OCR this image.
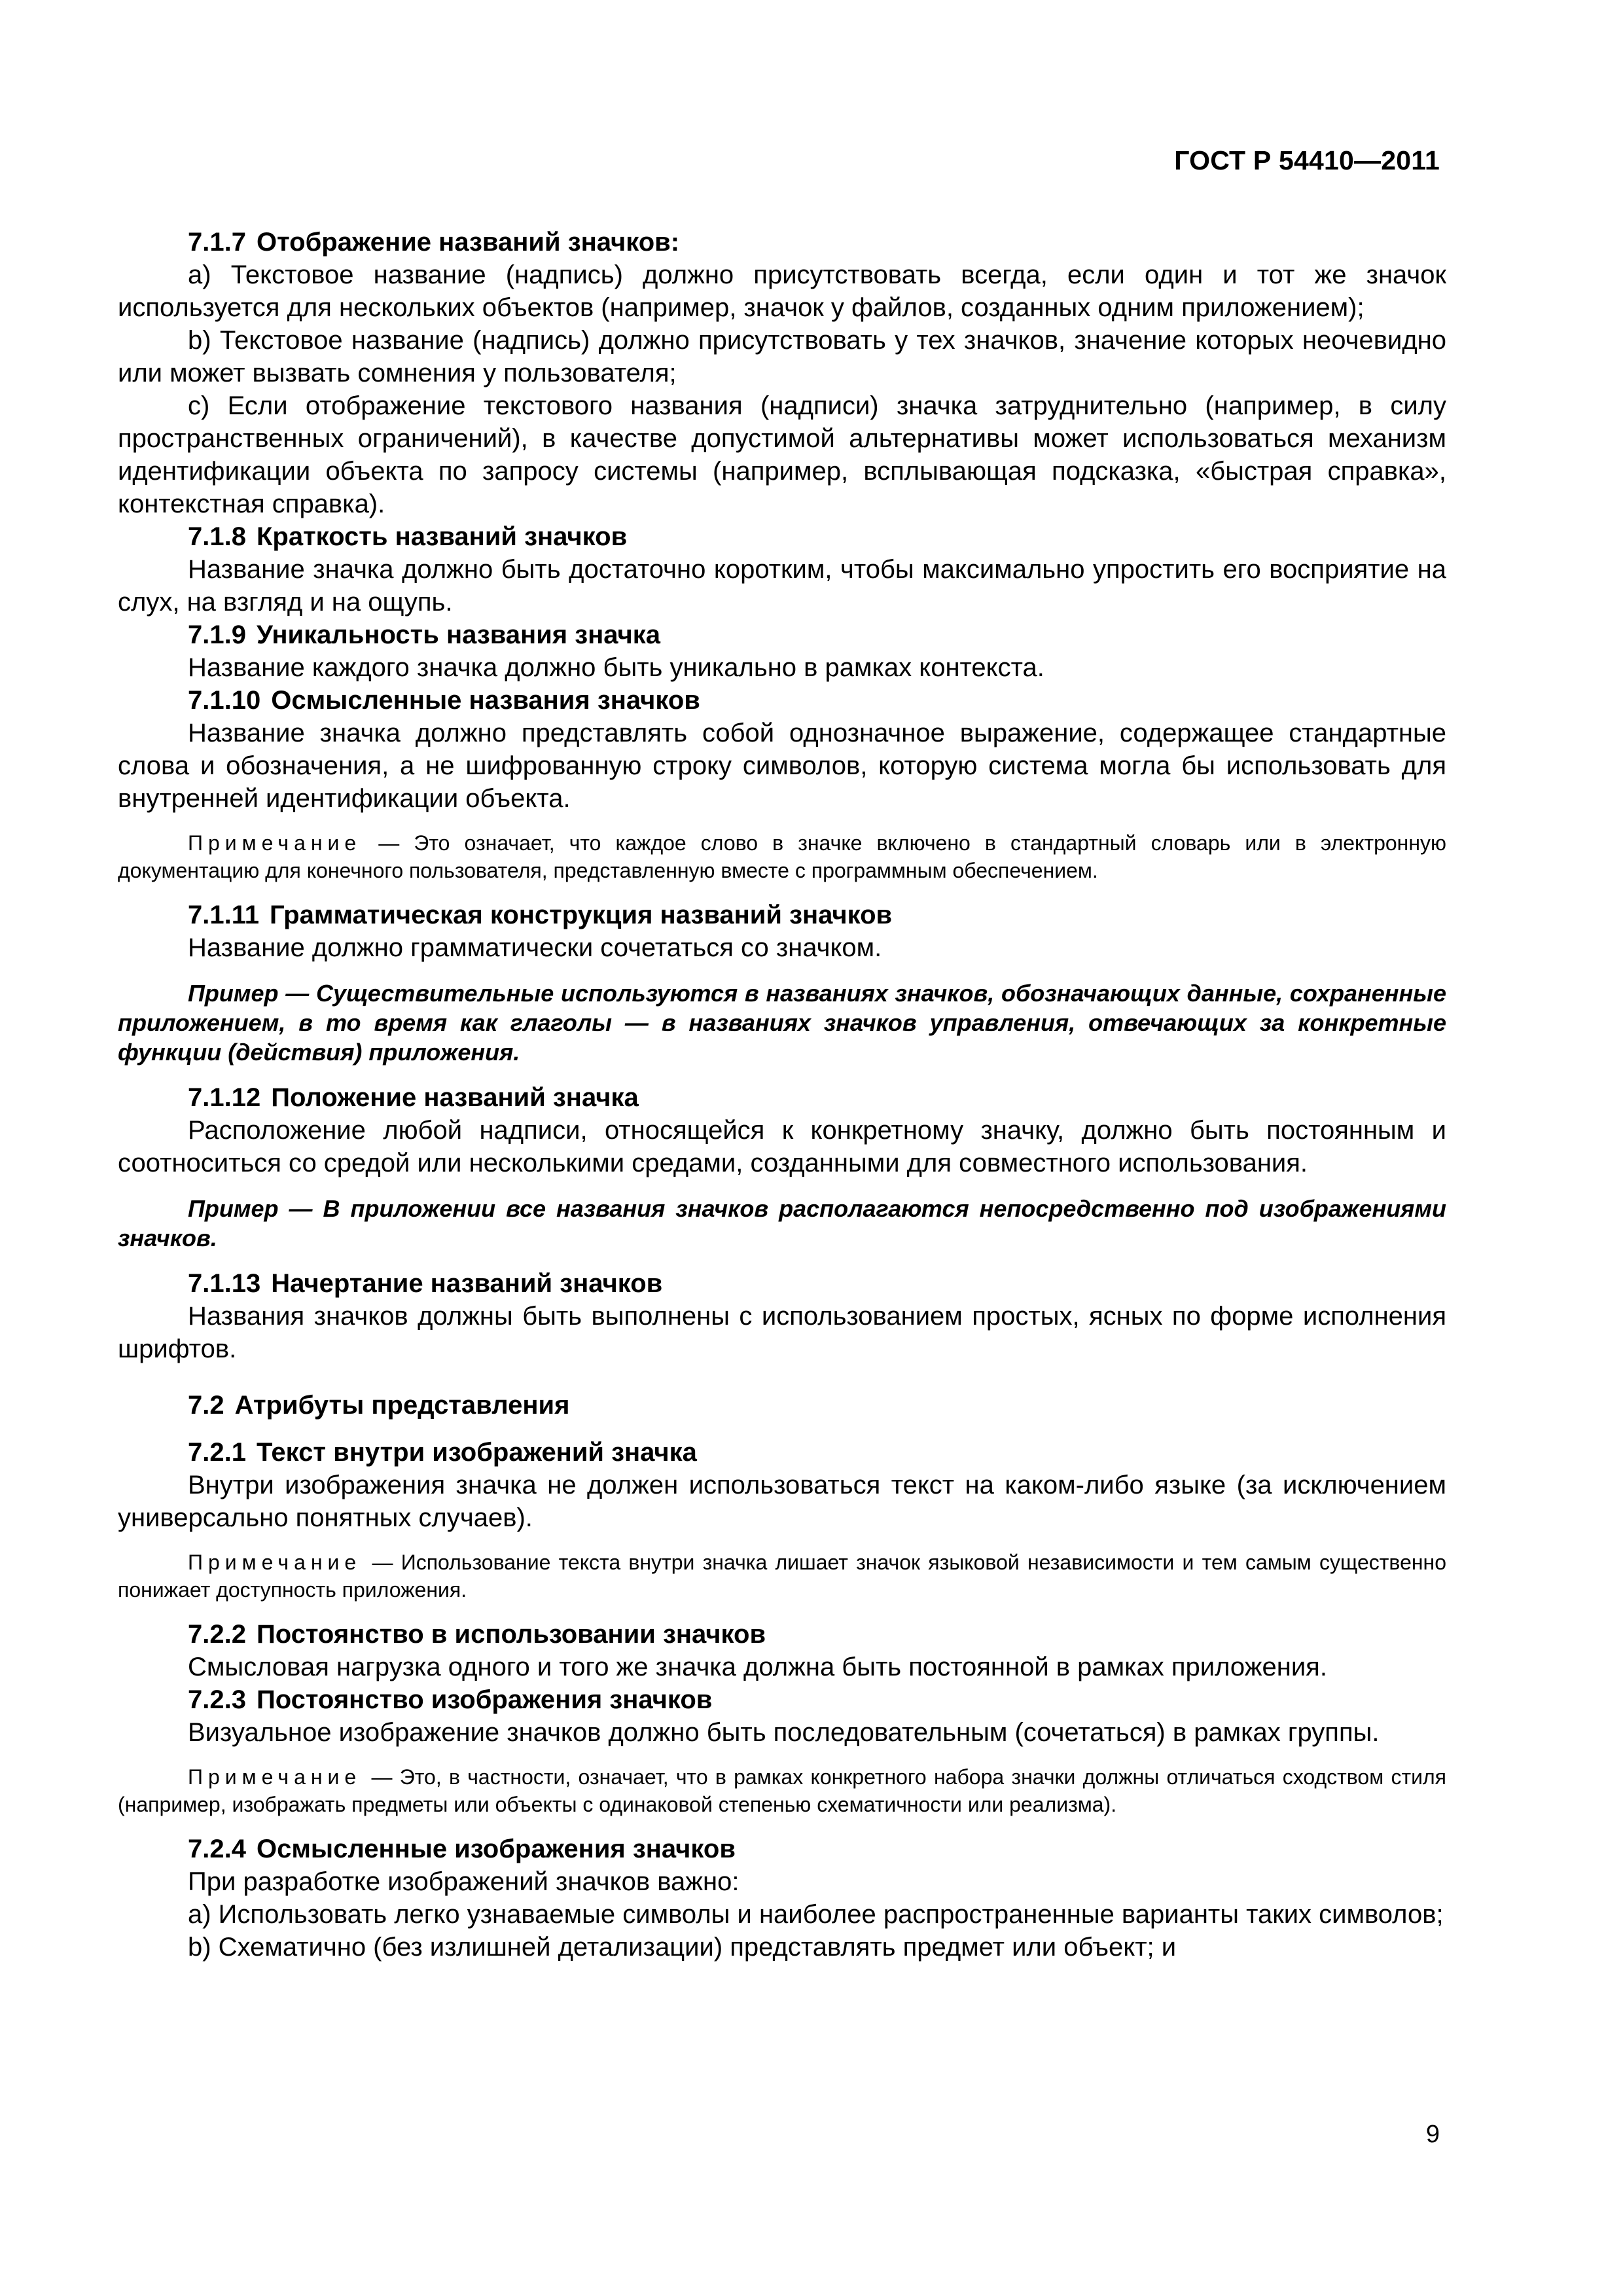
ГОСТ Р 54410—2011

7.1.7 Отображение названий значков:

а) Текстовое название (надпись) должно присутствовать всегда, если один и тот же значок используется для нескольких объектов (например, значок у файлов, созданных одним приложением);

b) Текстовое название (надпись) должно присутствовать у тех значков, значение которых неочевидно или может вызвать сомнения у пользователя;

с) Если отображение текстового названия (надписи) значка затруднительно (например, в силу пространственных ограничений), в качестве допустимой альтернативы может использоваться механизм идентификации объекта по запросу системы (например, всплывающая подсказка, «быстрая справка», контекстная справка).

7.1.8 Краткость названий значков

Название значка должно быть достаточно коротким, чтобы максимально упростить его восприятие на слух, на взгляд и на ощупь.

7.1.9 Уникальность названия значка

Название каждого значка должно быть уникально в рамках контекста.

7.1.10 Осмысленные названия значков

Название значка должно представлять собой однозначное выражение, содержащее стандартные слова и обозначения, а не шифрованную строку символов, которую система могла бы использовать для внутренней идентификации объекта.

Примечание — Это означает, что каждое слово в значке включено в стандартный словарь или в электронную документацию для конечного пользователя, представленную вместе с программным обеспечением.

7.1.11 Грамматическая конструкция названий значков

Название должно грамматически сочетаться со значком.

Пример — Существительные используются в названиях значков, обозначающих данные, сохраненные приложением, в то время как глаголы — в названиях значков управления, отвечающих за конкретные функции (действия) приложения.

7.1.12 Положение названий значка

Расположение любой надписи, относящейся к конкретному значку, должно быть постоянным и соотноситься со средой или несколькими средами, созданными для совместного использования.

Пример — В приложении все названия значков располагаются непосредственно под изображениями значков.

7.1.13 Начертание названий значков

Названия значков должны быть выполнены с использованием простых, ясных по форме исполнения шрифтов.

7.2 Атрибуты представления

7.2.1 Текст внутри изображений значка

Внутри изображения значка не должен использоваться текст на каком-либо языке (за исключением универсально понятных случаев).

Примечание — Использование текста внутри значка лишает значок языковой независимости и тем самым существенно понижает доступность приложения.

7.2.2 Постоянство в использовании значков

Смысловая нагрузка одного и того же значка должна быть постоянной в рамках приложения.

7.2.3 Постоянство изображения значков

Визуальное изображение значков должно быть последовательным (сочетаться) в рамках группы.

Примечание — Это, в частности, означает, что в рамках конкретного набора значки должны отличаться сходством стиля (например, изображать предметы или объекты с одинаковой степенью схематичности или реализма).

7.2.4 Осмысленные изображения значков

При разработке изображений значков важно:

а) Использовать легко узнаваемые символы и наиболее распространенные варианты таких символов;

b) Схематично (без излишней детализации) представлять предмет или объект; и

9
